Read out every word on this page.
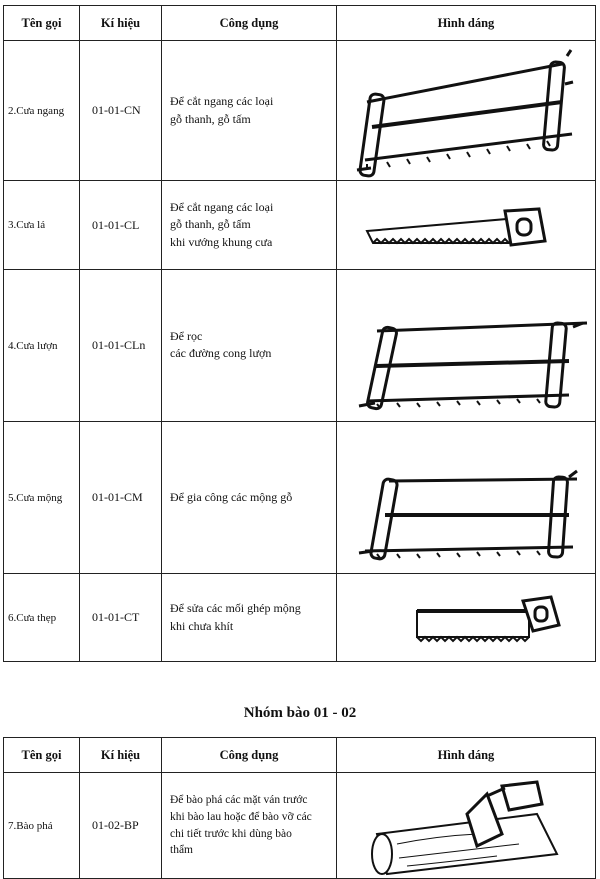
Tên gọi	Kí hiệu	Công dụng	Hình dáng
2.Cưa ngang	01-01-CN	Để cắt ngang các loại
gỗ thanh, gỗ tấm

3.Cưa lá	01-01-CL	Để cắt ngang các loại
gỗ thanh, gỗ tấm
khi vướng khung cưa

4.Cưa lượn	01-01-CLn	Để rọc
các đường cong lượn

5.Cưa mộng	01-01-CM	Để gia công các mộng gỗ

6.Cưa thẹp	01-01-CT	Để sửa các mối ghép mộng
khi chưa khít

Nhóm bào 01 - 02
Tên gọi	Kí hiệu	Công dụng	Hình dáng
7.Bào phá	01-02-BP	Để bào phá các mặt ván trước
khi bào lau hoặc để bào vỡ các
chi tiết trước khi dùng bào
thẩm
